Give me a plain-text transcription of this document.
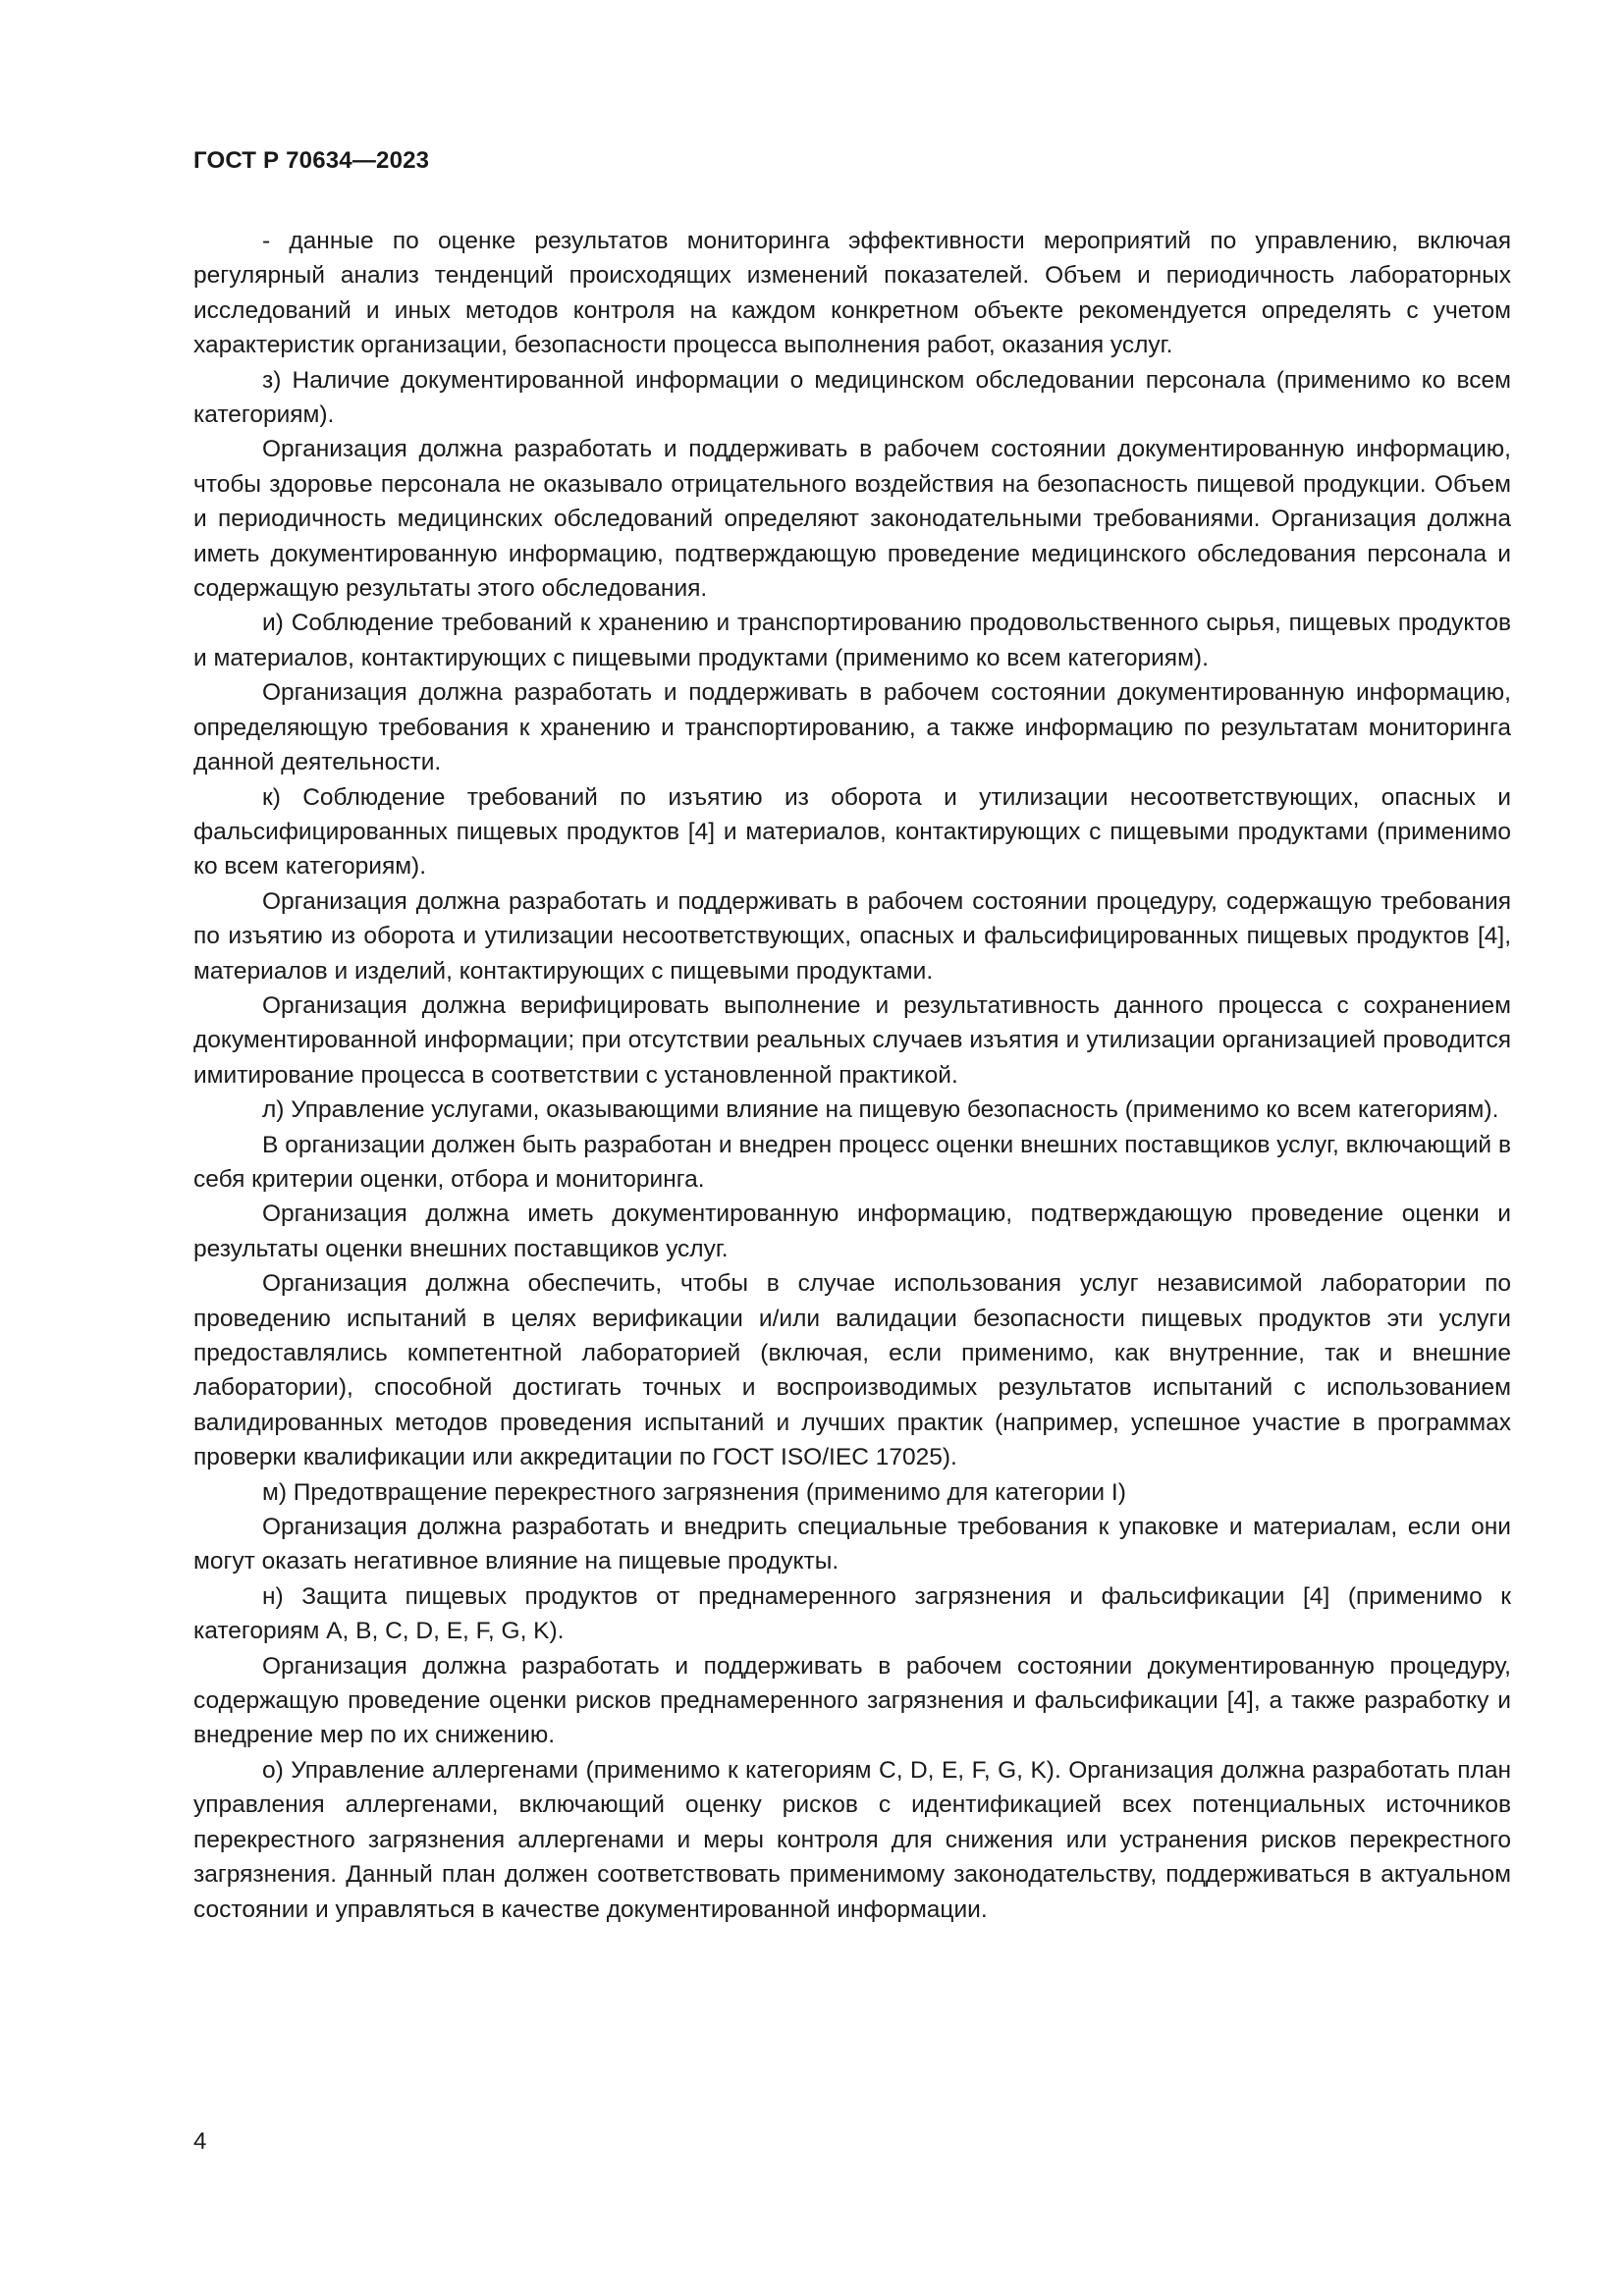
ГОСТ Р 70634—2023

- данные по оценке результатов мониторинга эффективности мероприятий по управлению, включая регулярный анализ тенденций происходящих изменений показателей. Объем и периодичность лабораторных исследований и иных методов контроля на каждом конкретном объекте рекомендуется определять с учетом характеристик организации, безопасности процесса выполнения работ, оказания услуг.

з) Наличие документированной информации о медицинском обследовании персонала (применимо ко всем категориям).

Организация должна разработать и поддерживать в рабочем состоянии документированную информацию, чтобы здоровье персонала не оказывало отрицательного воздействия на безопасность пищевой продукции. Объем и периодичность медицинских обследований определяют законодательными требованиями. Организация должна иметь документированную информацию, подтверждающую проведение медицинского обследования персонала и содержащую результаты этого обследования.

и) Соблюдение требований к хранению и транспортированию продовольственного сырья, пищевых продуктов и материалов, контактирующих с пищевыми продуктами (применимо ко всем категориям).

Организация должна разработать и поддерживать в рабочем состоянии документированную информацию, определяющую требования к хранению и транспортированию, а также информацию по результатам мониторинга данной деятельности.

к) Соблюдение требований по изъятию из оборота и утилизации несоответствующих, опасных и фальсифицированных пищевых продуктов [4] и материалов, контактирующих с пищевыми продуктами (применимо ко всем категориям).

Организация должна разработать и поддерживать в рабочем состоянии процедуру, содержащую требования по изъятию из оборота и утилизации несоответствующих, опасных и фальсифицированных пищевых продуктов [4], материалов и изделий, контактирующих с пищевыми продуктами.

Организация должна верифицировать выполнение и результативность данного процесса с сохранением документированной информации; при отсутствии реальных случаев изъятия и утилизации организацией проводится имитирование процесса в соответствии с установленной практикой.

л) Управление услугами, оказывающими влияние на пищевую безопасность (применимо ко всем категориям).

В организации должен быть разработан и внедрен процесс оценки внешних поставщиков услуг, включающий в себя критерии оценки, отбора и мониторинга.

Организация должна иметь документированную информацию, подтверждающую проведение оценки и результаты оценки внешних поставщиков услуг.

Организация должна обеспечить, чтобы в случае использования услуг независимой лаборатории по проведению испытаний в целях верификации и/или валидации безопасности пищевых продуктов эти услуги предоставлялись компетентной лабораторией (включая, если применимо, как внутренние, так и внешние лаборатории), способной достигать точных и воспроизводимых результатов испытаний с использованием валидированных методов проведения испытаний и лучших практик (например, успешное участие в программах проверки квалификации или аккредитации по ГОСТ ISO/IEC 17025).

м) Предотвращение перекрестного загрязнения (применимо для категории I)

Организация должна разработать и внедрить специальные требования к упаковке и материалам, если они могут оказать негативное влияние на пищевые продукты.

н) Защита пищевых продуктов от преднамеренного загрязнения и фальсификации [4] (применимо к категориям A, B, C, D, E, F, G, K).

Организация должна разработать и поддерживать в рабочем состоянии документированную процедуру, содержащую проведение оценки рисков преднамеренного загрязнения и фальсификации [4], а также разработку и внедрение мер по их снижению.

о) Управление аллергенами (применимо к категориям C, D, E, F, G, K). Организация должна разработать план управления аллергенами, включающий оценку рисков с идентификацией всех потенциальных источников перекрестного загрязнения аллергенами и меры контроля для снижения или устранения рисков перекрестного загрязнения. Данный план должен соответствовать применимому законодательству, поддерживаться в актуальном состоянии и управляться в качестве документированной информации.

4
